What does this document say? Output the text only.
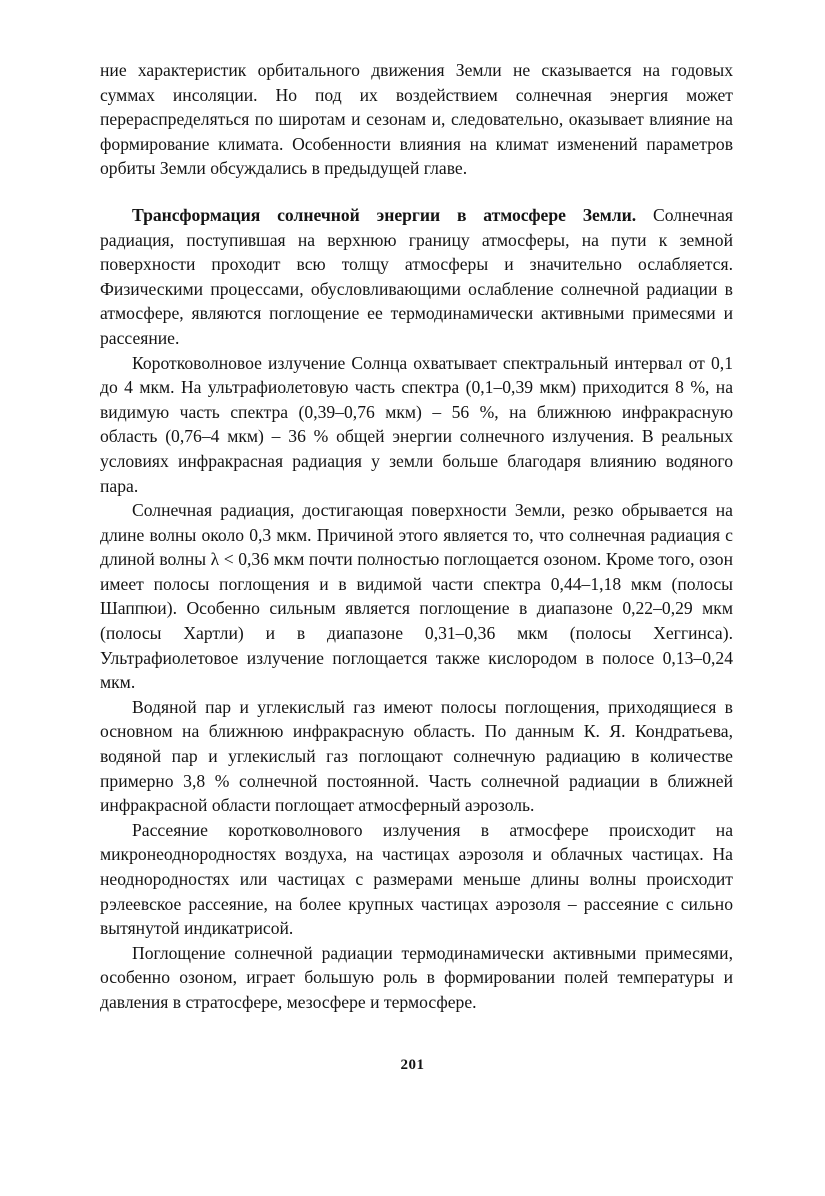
ние характеристик орбитального движения Земли не сказывается на годовых суммах инсоляции. Но под их воздействием солнечная энергия может перераспределяться по широтам и сезонам и, следовательно, оказывает влияние на формирование климата. Особенности влияния на климат изменений параметров орбиты Земли обсуждались в предыдущей главе.

Трансформация солнечной энергии в атмосфере Земли. Солнечная радиация, поступившая на верхнюю границу атмосферы, на пути к земной поверхности проходит всю толщу атмосферы и значительно ослабляется. Физическими процессами, обусловливающими ослабление солнечной радиации в атмосфере, являются поглощение ее термодинамически активными примесями и рассеяние.

Коротковолновое излучение Солнца охватывает спектральный интервал от 0,1 до 4 мкм. На ультрафиолетовую часть спектра (0,1–0,39 мкм) приходится 8 %, на видимую часть спектра (0,39–0,76 мкм) – 56 %, на ближнюю инфракрасную область (0,76–4 мкм) – 36 % общей энергии солнечного излучения. В реальных условиях инфракрасная радиация у земли больше благодаря влиянию водяного пара.

Солнечная радиация, достигающая поверхности Земли, резко обрывается на длине волны около 0,3 мкм. Причиной этого является то, что солнечная радиация с длиной волны λ < 0,36 мкм почти полностью поглощается озоном. Кроме того, озон имеет полосы поглощения и в видимой части спектра 0,44–1,18 мкм (полосы Шаппюи). Особенно сильным является поглощение в диапазоне 0,22–0,29 мкм (полосы Хартли) и в диапазоне 0,31–0,36 мкм (полосы Хеггинса). Ультрафиолетовое излучение поглощается также кислородом в полосе 0,13–0,24 мкм.

Водяной пар и углекислый газ имеют полосы поглощения, приходящиеся в основном на ближнюю инфракрасную область. По данным К. Я. Кондратьева, водяной пар и углекислый газ поглощают солнечную радиацию в количестве примерно 3,8 % солнечной постоянной. Часть солнечной радиации в ближней инфракрасной области поглощает атмосферный аэрозоль.

Рассеяние коротковолнового излучения в атмосфере происходит на микронеоднородностях воздуха, на частицах аэрозоля и облачных частицах. На неоднородностях или частицах с размерами меньше длины волны происходит рэлеевское рассеяние, на более крупных частицах аэрозоля – рассеяние с сильно вытянутой индикатрисой.

Поглощение солнечной радиации термодинамически активными примесями, особенно озоном, играет большую роль в формировании полей температуры и давления в стратосфере, мезосфере и термосфере.

201
